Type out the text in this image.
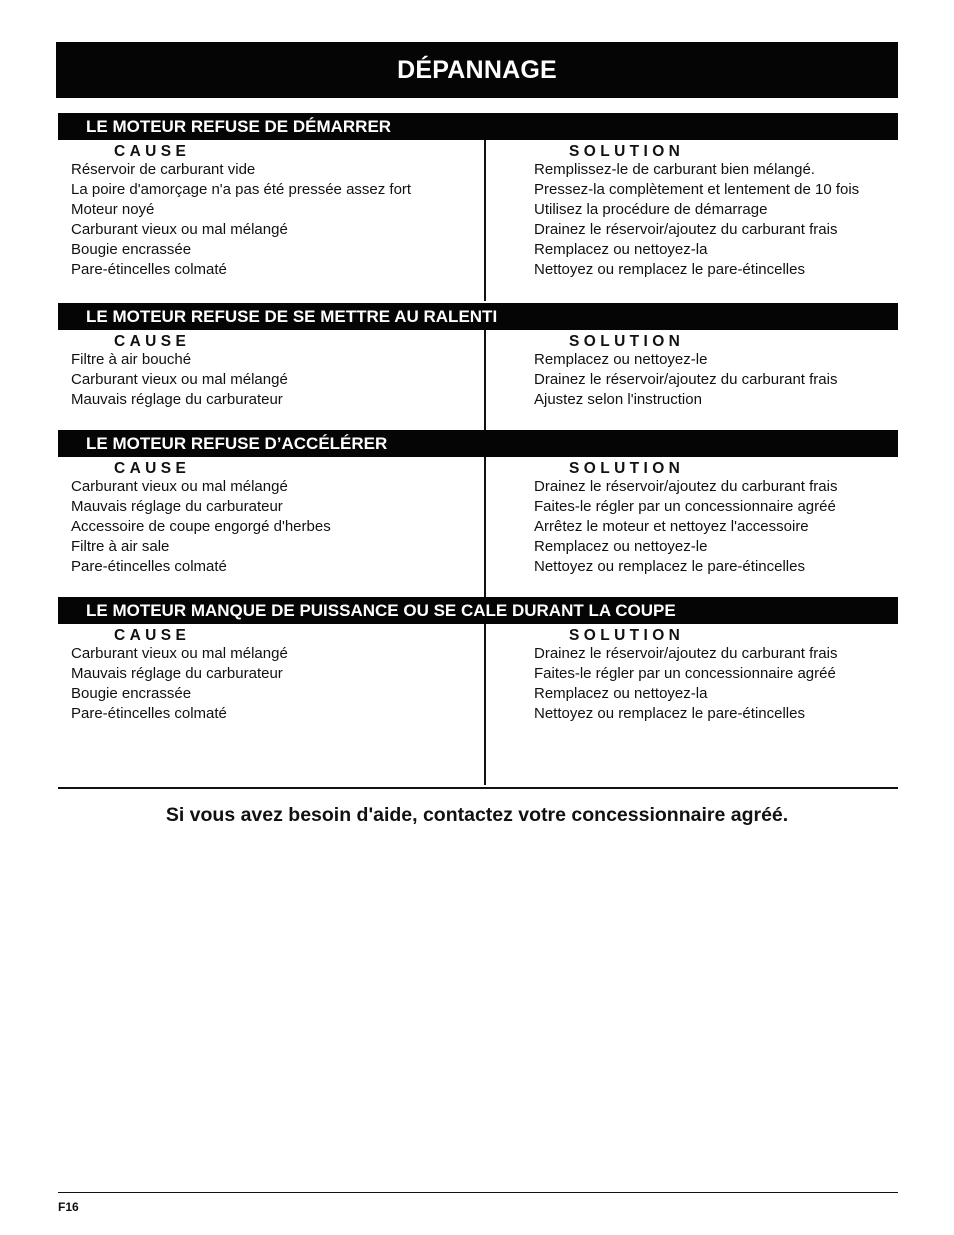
DÉPANNAGE
LE MOTEUR REFUSE DE DÉMARRER
CAUSE
Réservoir de carburant vide
La poire d'amorçage n'a pas été pressée assez fort
Moteur noyé
Carburant vieux ou mal mélangé
Bougie encrassée
Pare-étincelles colmaté
SOLUTION
Remplissez-le de carburant bien mélangé.
Pressez-la complètement et lentement de 10 fois
Utilisez la procédure de démarrage
Drainez le réservoir/ajoutez du carburant frais
Remplacez ou nettoyez-la
Nettoyez ou remplacez le pare-étincelles
LE MOTEUR REFUSE DE SE METTRE AU RALENTI
CAUSE
Filtre à air bouché
Carburant vieux ou mal mélangé
Mauvais réglage du carburateur
SOLUTION
Remplacez ou nettoyez-le
Drainez le réservoir/ajoutez du carburant frais
Ajustez selon l'instruction
LE MOTEUR REFUSE D’ACCÉLÉRER
CAUSE
Carburant vieux ou mal mélangé
Mauvais réglage du carburateur
Accessoire de coupe engorgé d'herbes
Filtre à air sale
Pare-étincelles colmaté
SOLUTION
Drainez le réservoir/ajoutez du carburant frais
Faites-le régler par un concessionnaire agréé
Arrêtez le moteur et nettoyez l'accessoire
Remplacez ou nettoyez-le
Nettoyez ou remplacez le pare-étincelles
LE MOTEUR MANQUE DE PUISSANCE OU SE CALE DURANT LA COUPE
CAUSE
Carburant vieux ou mal mélangé
Mauvais réglage du carburateur
Bougie encrassée
Pare-étincelles colmaté
SOLUTION
Drainez le réservoir/ajoutez du carburant frais
Faites-le régler par un concessionnaire agréé
Remplacez ou nettoyez-la
Nettoyez ou remplacez le pare-étincelles
Si vous avez besoin d'aide, contactez votre concessionnaire agréé.
F16
